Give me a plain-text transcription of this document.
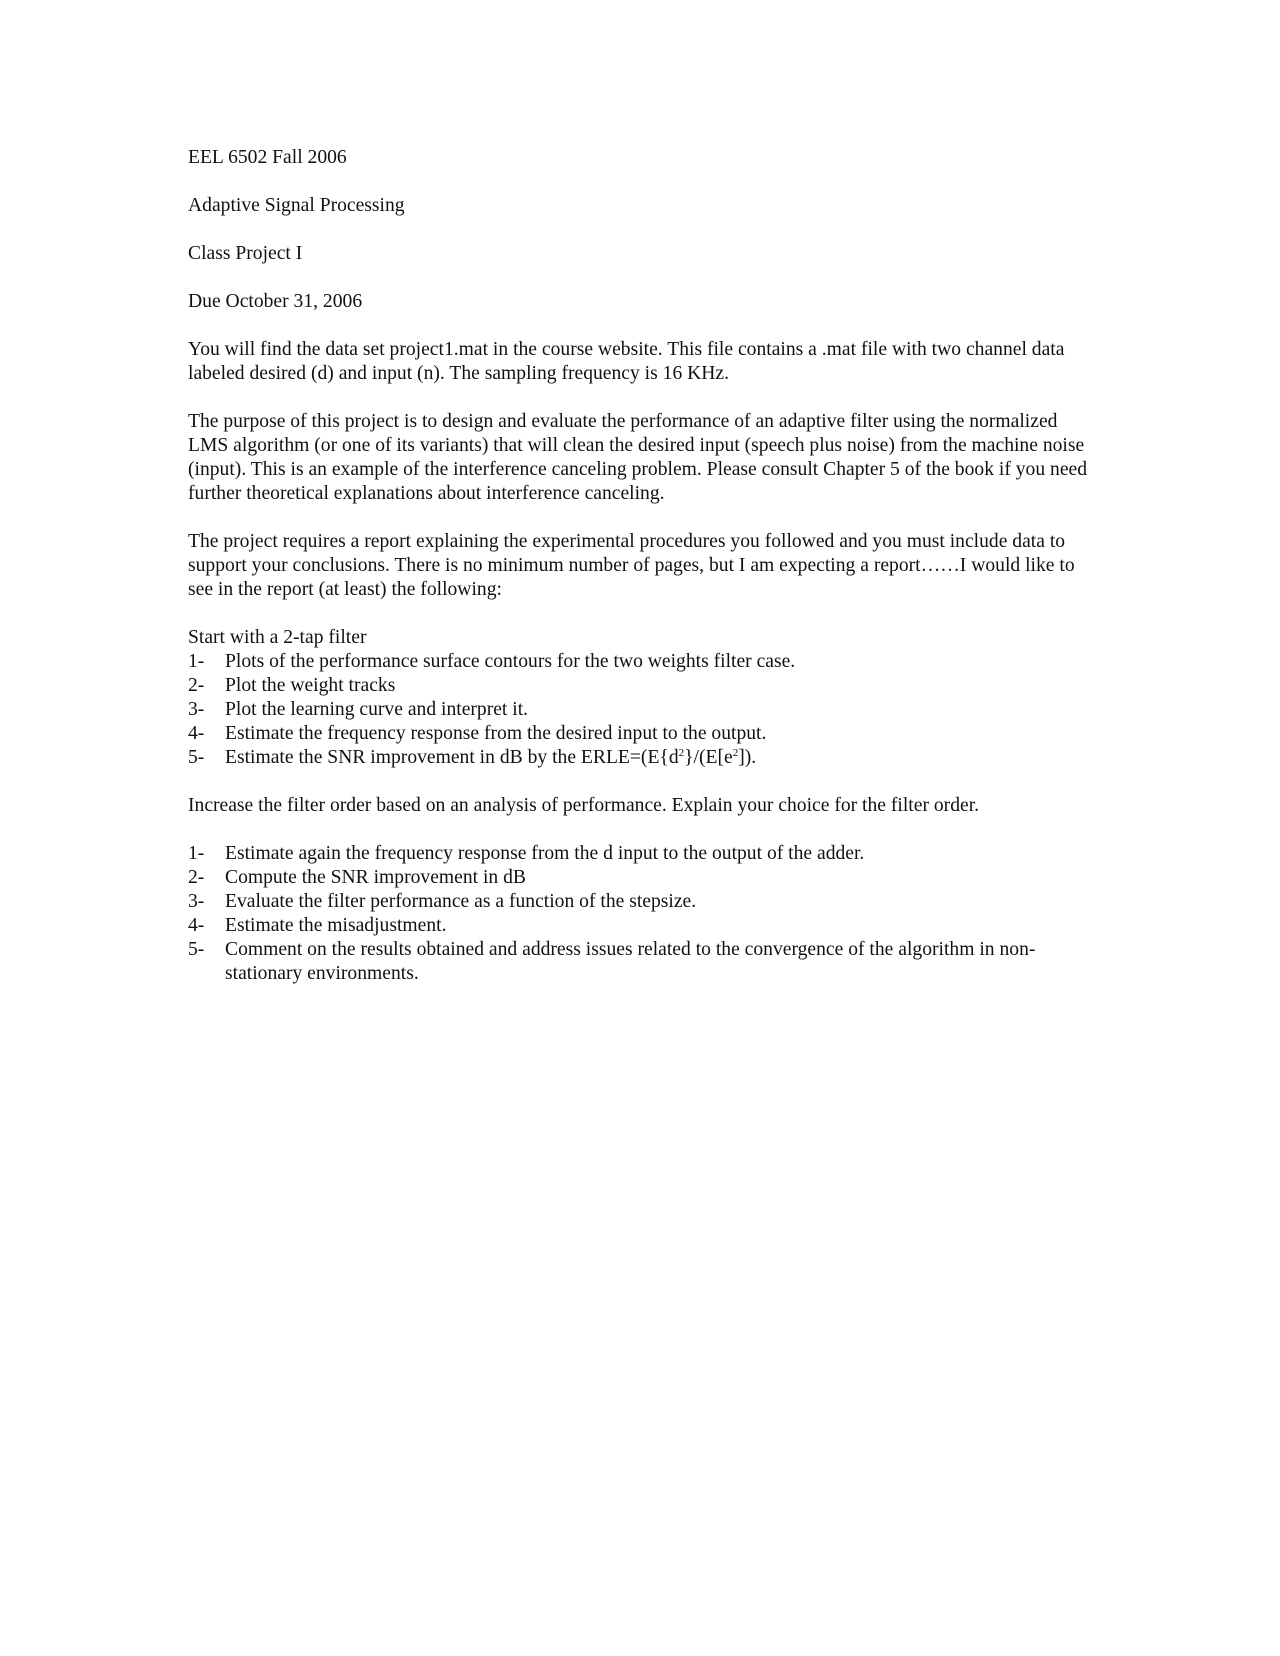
EEL 6502 Fall 2006

Adaptive Signal Processing

Class Project I

Due October 31, 2006

You will find the data set project1.mat in the course website. This file contains a .mat file with two channel data labeled desired (d) and input (n). The sampling frequency is 16 KHz.

The purpose of this project is to design and evaluate the performance of an adaptive filter using the normalized LMS algorithm (or one of its variants) that will clean the desired input (speech plus noise) from the machine noise (input). This is an example of the interference canceling problem. Please consult Chapter 5 of the book if you need further theoretical explanations about interference canceling.

The project requires a report explaining the experimental procedures you followed and you must include data to support your conclusions. There is no minimum number of pages, but I am expecting a report……I would like to see in the report (at least) the following:

Start with a 2-tap filter

1-	Plots of the performance surface contours for the two weights filter case.
2-	Plot the weight tracks
3-	Plot the learning curve and interpret it.
4-	Estimate the frequency response from the desired input to the output.
5-	Estimate the SNR improvement in dB by the $ERLE=(E\{d^2\}/(E[e^2])$.

Increase the filter order based on an analysis of performance. Explain your choice for the filter order.

1-	Estimate again the frequency response from the d input to the output of the adder.
2-	Compute the SNR improvement in dB
3-	Evaluate the filter performance as a function of the stepsize.
4-	Estimate the misadjustment.
5-	Comment on the results obtained and address issues related to the convergence of the algorithm in non-stationary environments.
